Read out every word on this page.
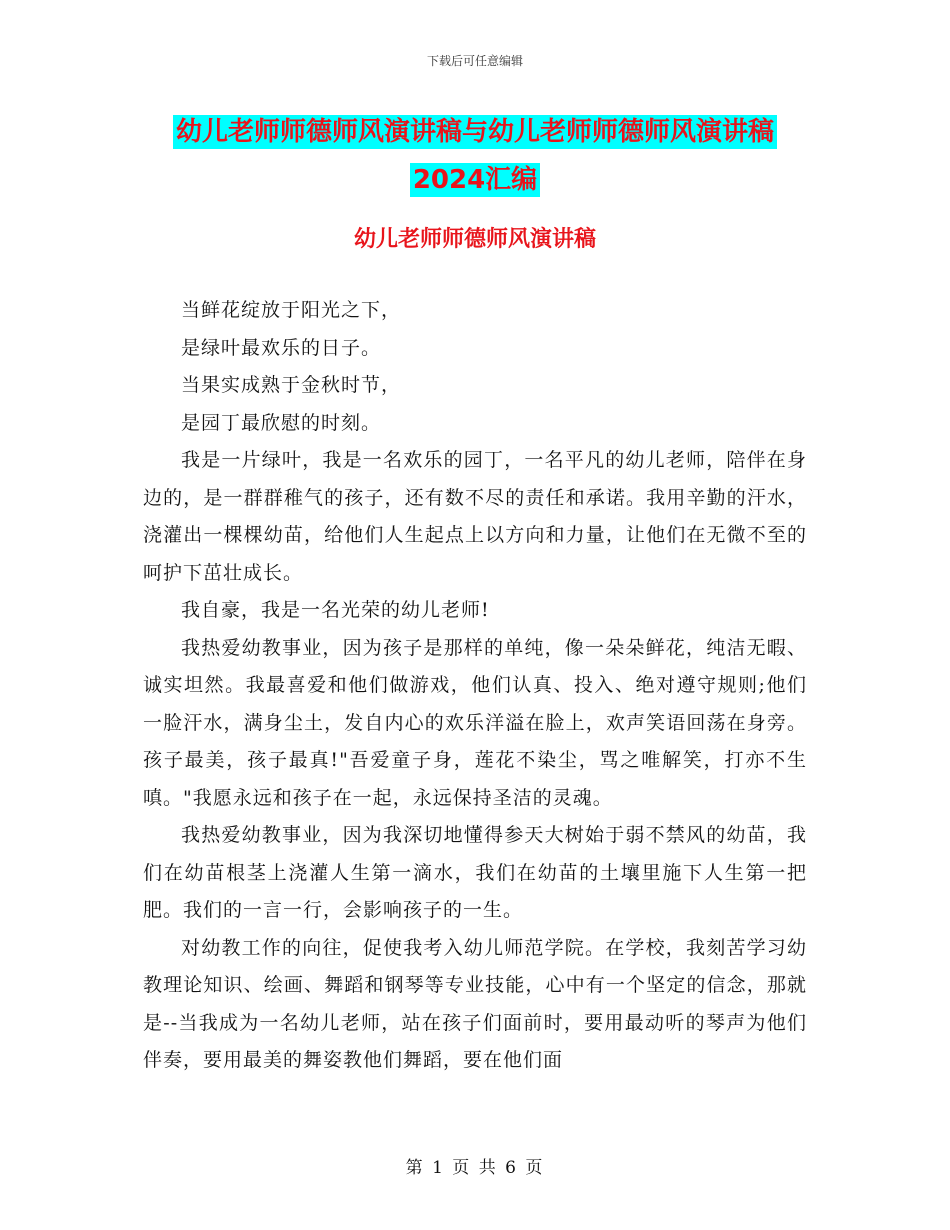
下载后可任意编辑
幼儿老师师德师风演讲稿与幼儿老师师德师风演讲稿
2024汇编
幼儿老师师德师风演讲稿

当鲜花绽放于阳光之下，

是绿叶最欢乐的日子。

当果实成熟于金秋时节，

是园丁最欣慰的时刻。

我是一片绿叶，我是一名欢乐的园丁，一名平凡的幼儿老师，陪伴在身边的，是一群群稚气的孩子，还有数不尽的责任和承诺。我用辛勤的汗水，浇灌出一棵棵幼苗，给他们人生起点上以方向和力量，让他们在无微不至的呵护下茁壮成长。

我自豪，我是一名光荣的幼儿老师!

我热爱幼教事业，因为孩子是那样的单纯，像一朵朵鲜花，纯洁无暇、诚实坦然。我最喜爱和他们做游戏，他们认真、投入、绝对遵守规则;他们一脸汗水，满身尘土，发自内心的欢乐洋溢在脸上，欢声笑语回荡在身旁。孩子最美，孩子最真!"吾爱童子身，莲花不染尘，骂之唯解笑，打亦不生嗔。"我愿永远和孩子在一起，永远保持圣洁的灵魂。

我热爱幼教事业，因为我深切地懂得参天大树始于弱不禁风的幼苗，我们在幼苗根茎上浇灌人生第一滴水，我们在幼苗的土壤里施下人生第一把肥。我们的一言一行，会影响孩子的一生。

对幼教工作的向往，促使我考入幼儿师范学院。在学校，我刻苦学习幼教理论知识、绘画、舞蹈和钢琴等专业技能，心中有一个坚定的信念，那就是--当我成为一名幼儿老师，站在孩子们面前时，要用最动听的琴声为他们伴奏，要用最美的舞姿教他们舞蹈，要在他们面

第 1 页 共 6 页
